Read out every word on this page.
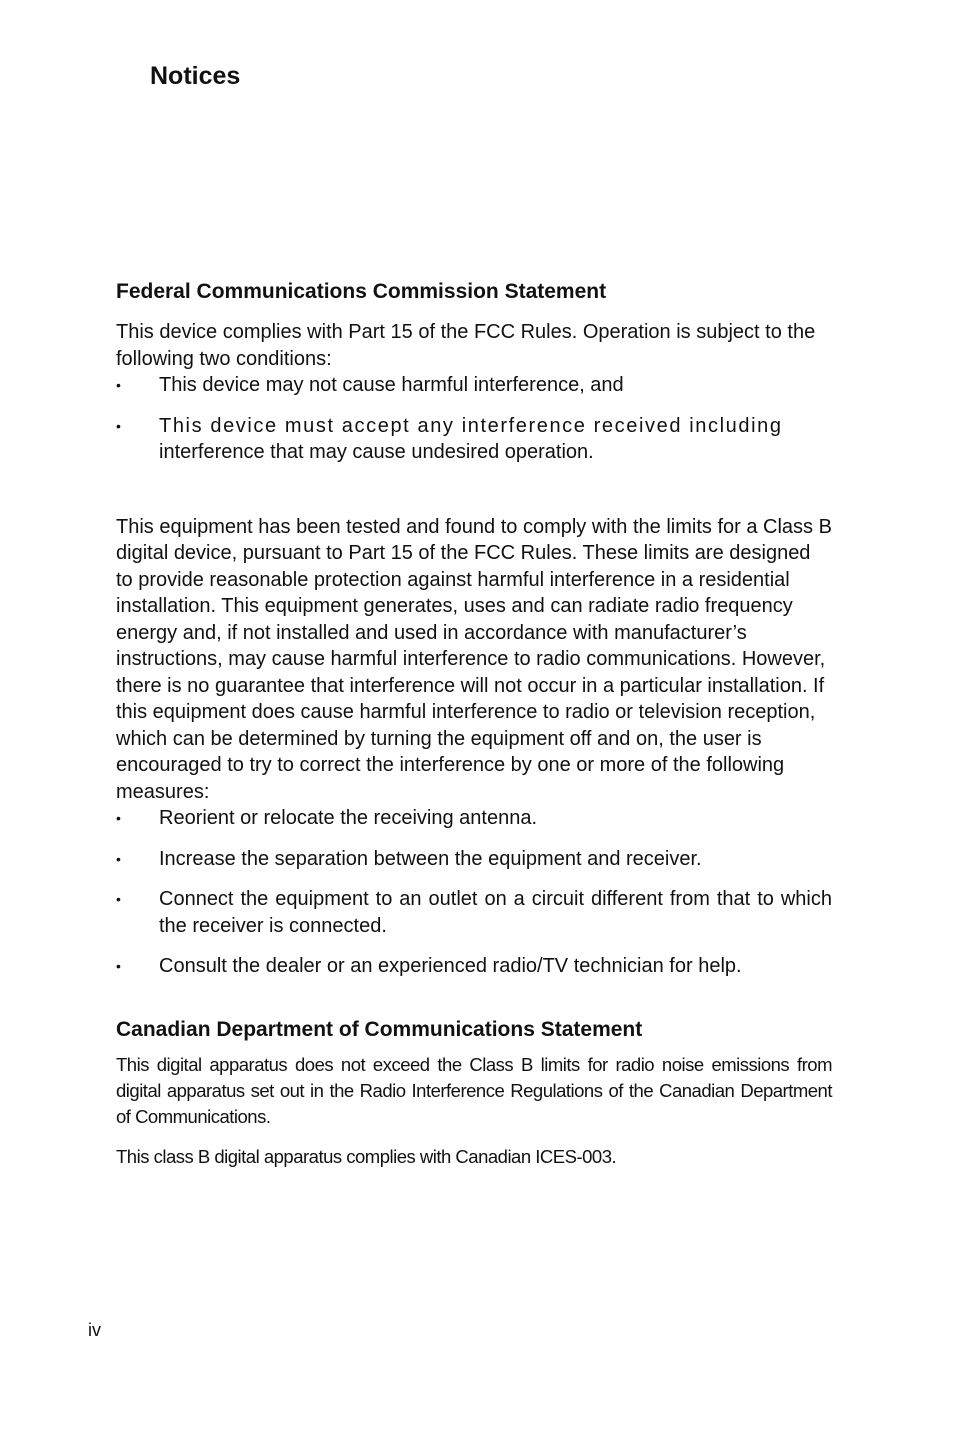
Notices
Federal Communications Commission Statement

This device complies with Part 15 of the FCC Rules. Operation is subject to the following two conditions:

•	This device may not cause harmful interference, and
•	This device must accept any interference received including
interference that may cause undesired operation.

This equipment has been tested and found to comply with the limits for a Class B digital device, pursuant to Part 15 of the FCC Rules. These limits are designed to provide reasonable protection against harmful interference in a residential installation. This equipment generates, uses and can radiate radio frequency energy and, if not installed and used in accordance with manufacturer’s instructions, may cause harmful interference to radio communications. However, there is no guarantee that interference will not occur in a particular installation. If this equipment does cause harmful interference to radio or television reception, which can be determined by turning the equipment off and on, the user is encouraged to try to correct the interference by one or more of the following measures:

•	Reorient or relocate the receiving antenna.
•	Increase the separation between the equipment and receiver.
•	Connect the equipment to an outlet on a circuit different from that to which the receiver is connected.
•	Consult the dealer or an experienced radio/TV technician for help.
Canadian Department of Communications Statement

This digital apparatus does not exceed the Class B limits for radio noise emissions from digital apparatus set out in the Radio Interference Regulations of the Canadian Department of Communications.

This class B digital apparatus complies with Canadian ICES-003.

iv
